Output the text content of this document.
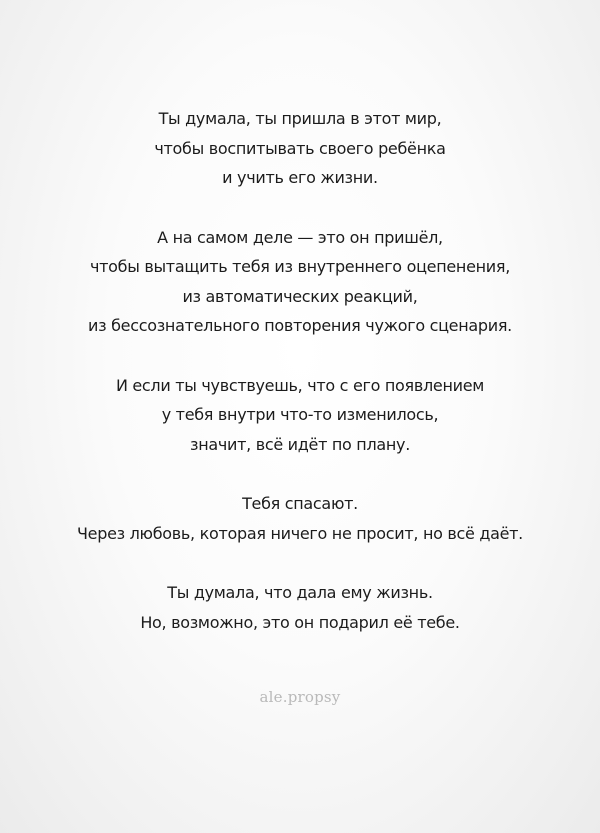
Ты думала, ты пришла в этот мир,
чтобы воспитывать своего ребёнка
и учить его жизни.
А на самом деле — это он пришёл,
чтобы вытащить тебя из внутреннего оцепенения,
из автоматических реакций,
из бессознательного повторения чужого сценария.
И если ты чувствуешь, что с его появлением
у тебя внутри что-то изменилось,
значит, всё идёт по плану.
Тебя спасают.
Через любовь, которая ничего не просит, но всё даёт.
Ты думала, что дала ему жизнь.
Но, возможно, это он подарил её тебе.
ale.propsy
